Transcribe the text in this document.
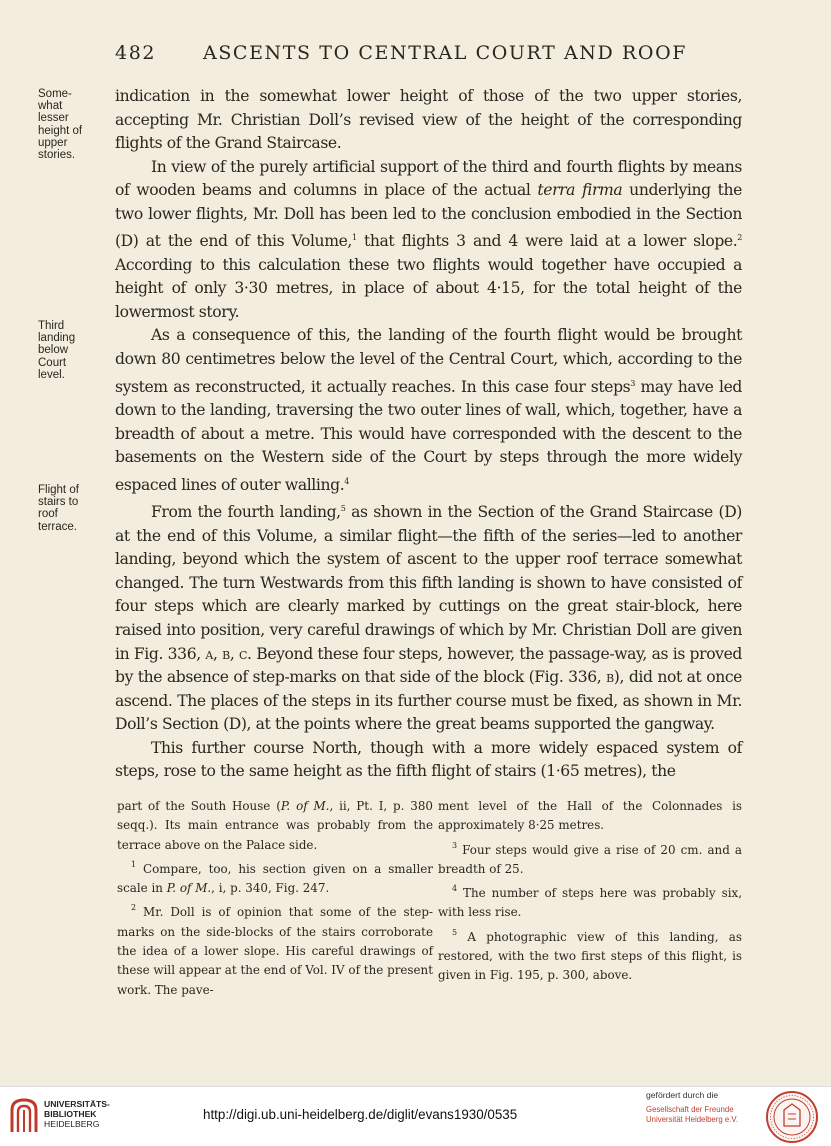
482 ASCENTS TO CENTRAL COURT AND ROOF
Some-
what
lesser
height of
upper
stories.
Third
landing
below
Court
level.
Flight of
stairs to
roof
terrace.

indication in the somewhat lower height of those of the two upper stories, accepting Mr. Christian Doll’s revised view of the height of the corresponding flights of the Grand Staircase.

In view of the purely artificial support of the third and fourth flights by means of wooden beams and columns in place of the actual terra firma underlying the two lower flights, Mr. Doll has been led to the conclusion embodied in the Section (D) at the end of this Volume,$^1$ that flights 3 and 4 were laid at a lower slope.$^2$ According to this calculation these two flights would together have occupied a height of only 3·30 metres, in place of about 4·15, for the total height of the lowermost story.

As a consequence of this, the landing of the fourth flight would be brought down 80 centimetres below the level of the Central Court, which, according to the system as reconstructed, it actually reaches. In this case four steps$^3$ may have led down to the landing, traversing the two outer lines of wall, which, together, have a breadth of about a metre. This would have corresponded with the descent to the basements on the Western side of the Court by steps through the more widely espaced lines of outer walling.$^4$

From the fourth landing,$^5$ as shown in the Section of the Grand Staircase (D) at the end of this Volume, a similar flight—the fifth of the series—led to another landing, beyond which the system of ascent to the upper roof terrace somewhat changed. The turn Westwards from this fifth landing is shown to have consisted of four steps which are clearly marked by cuttings on the great stair-block, here raised into position, very careful drawings of which by Mr. Christian Doll are given in Fig. 336, a, b, c. Beyond these four steps, however, the passage-way, as is proved by the absence of step-marks on that side of the block (Fig. 336, b), did not at once ascend. The places of the steps in its further course must be fixed, as shown in Mr. Doll’s Section (D), at the points where the great beams supported the gangway.

This further course North, though with a more widely espaced system of steps, rose to the same height as the fifth flight of stairs (1·65 metres), the

part of the South House (P. of M., ii, Pt. I, p. 380 seqq.). Its main entrance was probably from the terrace above on the Palace side.

$^1$ Compare, too, his section given on a smaller scale in P. of M., i, p. 340, Fig. 247.

$^2$ Mr. Doll is of opinion that some of the step-marks on the side-blocks of the stairs corroborate the idea of a lower slope. His careful drawings of these will appear at the end of Vol. IV of the present work. The pave-

ment level of the Hall of the Colonnades is approximately 8·25 metres.

$^3$ Four steps would give a rise of 20 cm. and a breadth of 25.

$^4$ The number of steps here was probably six, with less rise.

$^5$ A photographic view of this landing, as restored, with the two first steps of this flight, is given in Fig. 195, p. 300, above.

UNIVERSITÄTS-
BIBLIOTHEK
HEIDELBERG
http://digi.ub.uni-heidelberg.de/diglit/evans1930/0535
gefördert durch die
Gesellschaft der Freunde
Universität Heidelberg e.V.
